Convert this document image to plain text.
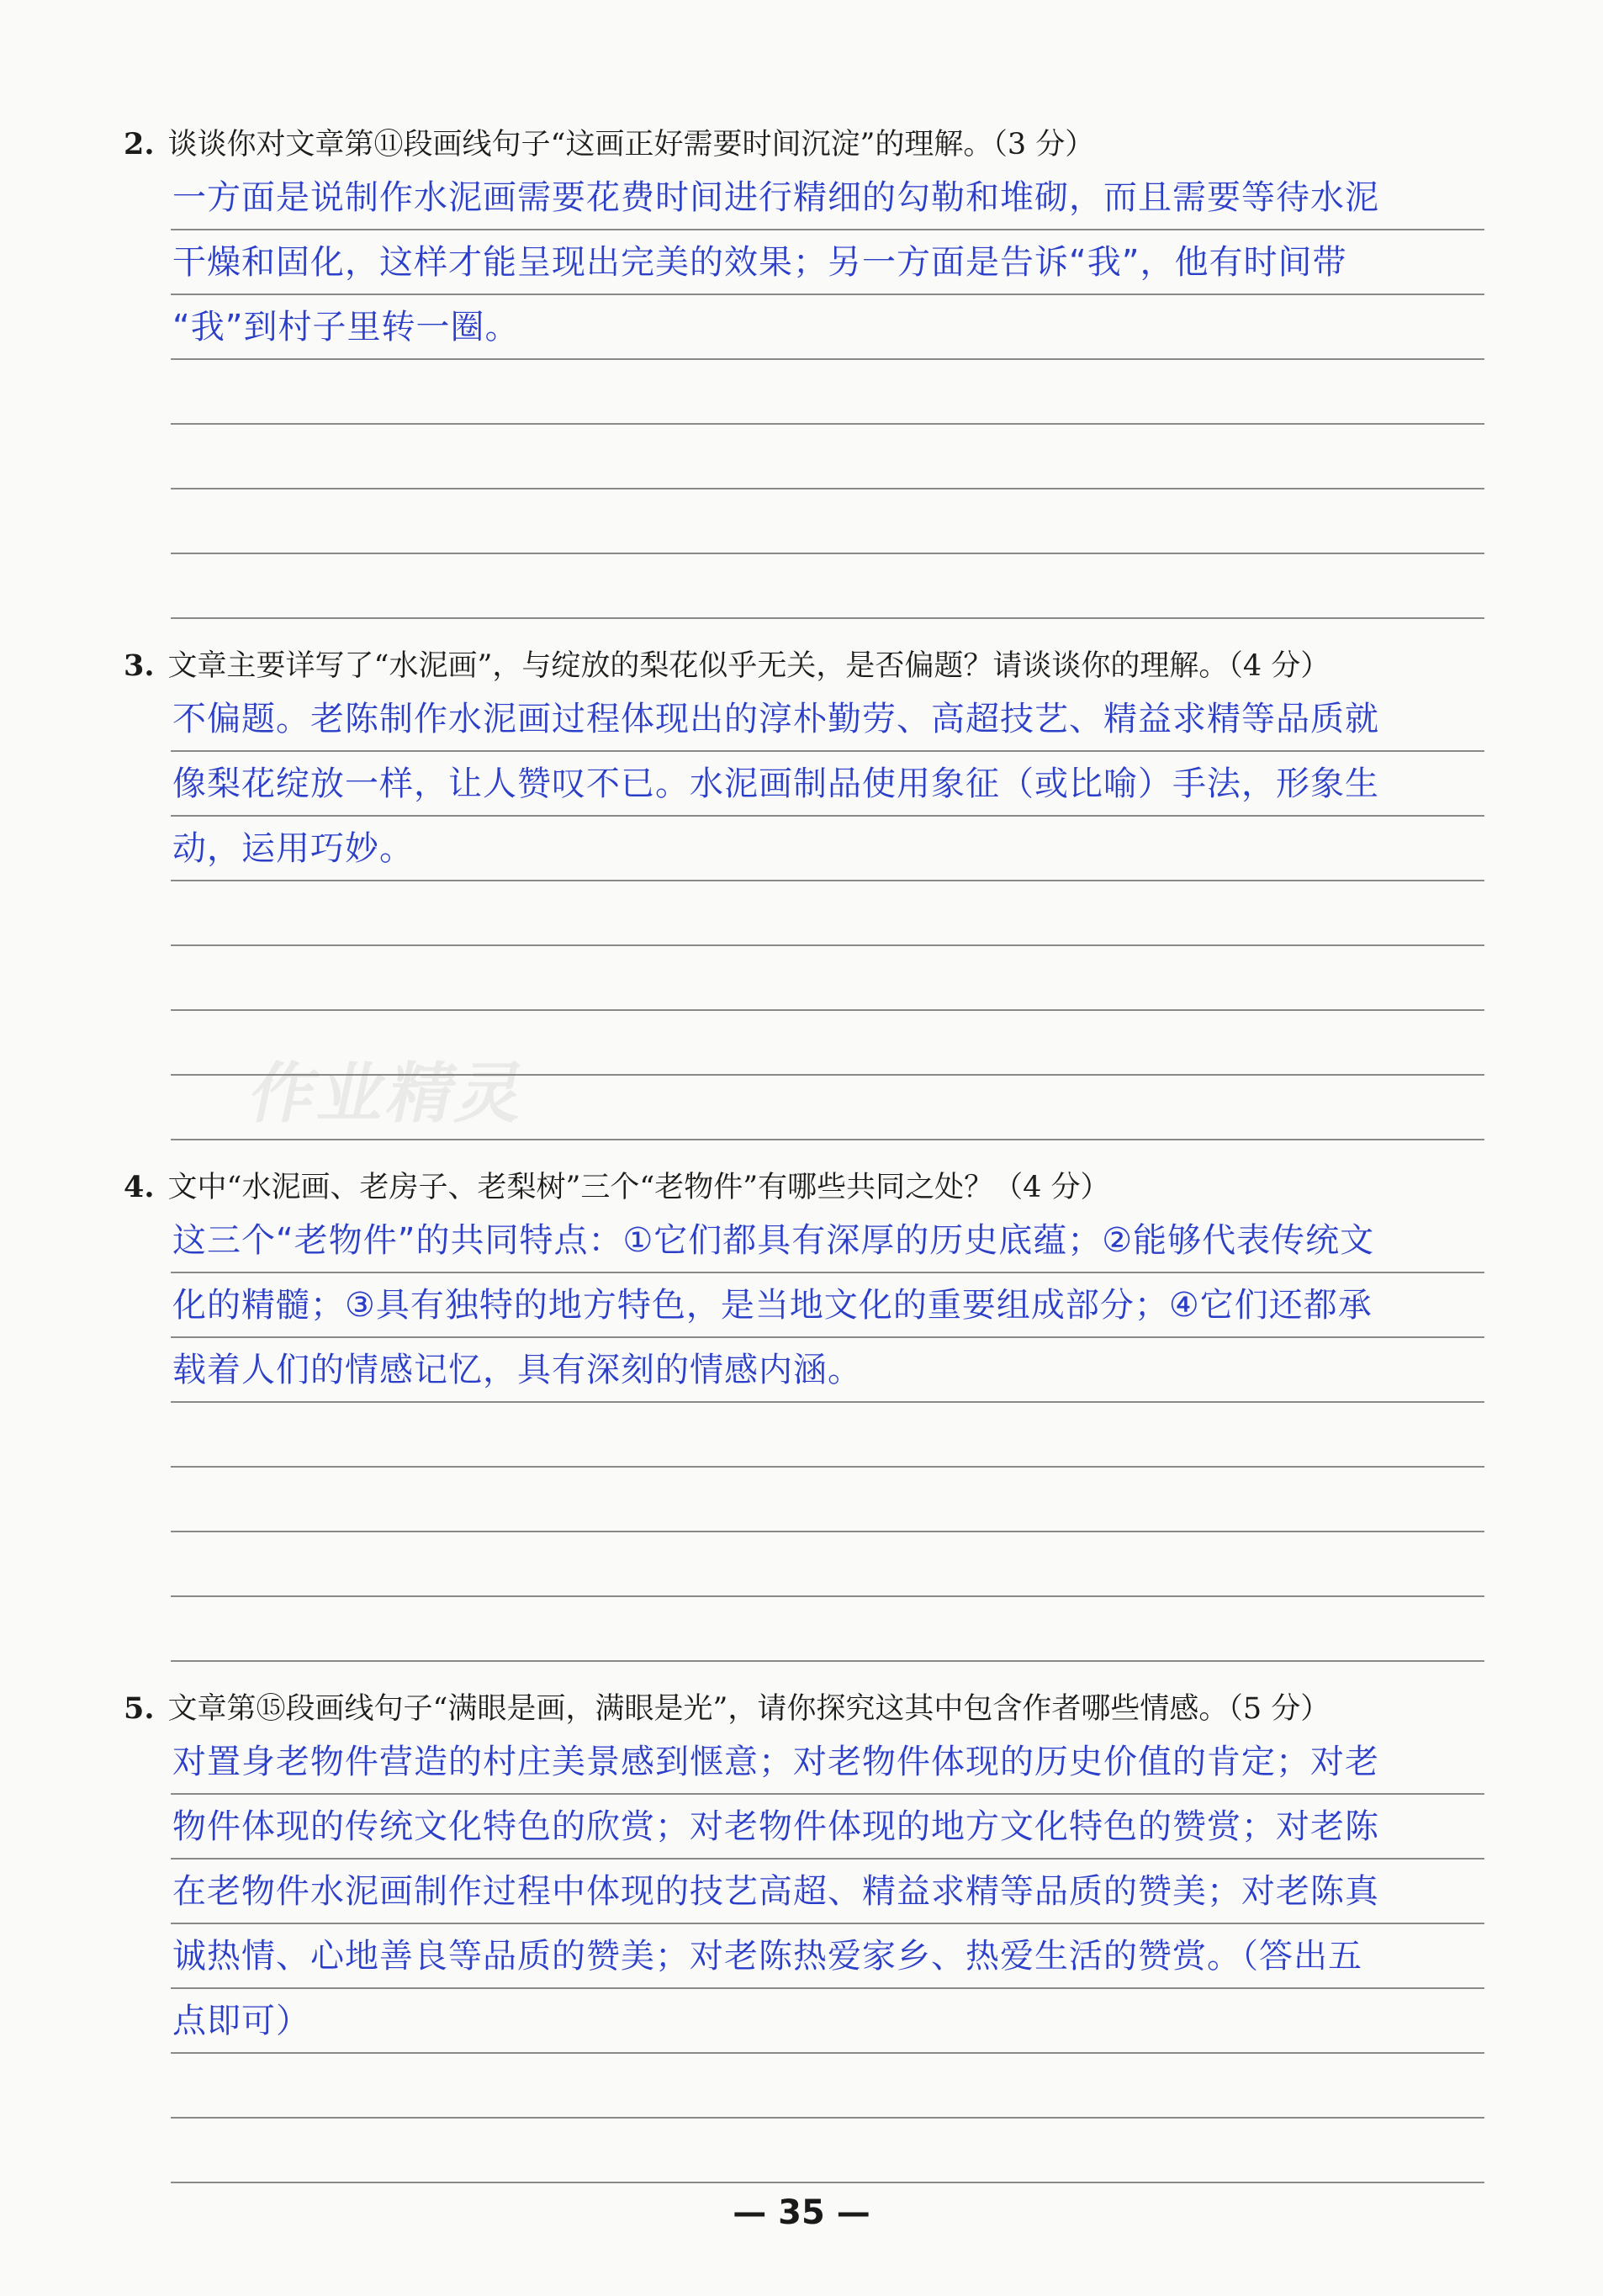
2. 谈谈你对文章第⑪段画线句子“这画正好需要时间沉淀”的理解。（3 分）
一方面是说制作水泥画需要花费时间进行精细的勾勒和堆砌，而且需要等待水泥
干燥和固化，这样才能呈现出完美的效果；另一方面是告诉“我”，他有时间带
“我”到村子里转一圈。
3. 文章主要详写了“水泥画”，与绽放的梨花似乎无关，是否偏题？请谈谈你的理解。（4 分）
不偏题。老陈制作水泥画过程体现出的淳朴勤劳、高超技艺、精益求精等品质就
像梨花绽放一样，让人赞叹不已。水泥画制品使用象征（或比喻）手法，形象生
动，运用巧妙。
作业精灵
4. 文中“水泥画、老房子、老梨树”三个“老物件”有哪些共同之处？（4 分）
这三个“老物件”的共同特点：①它们都具有深厚的历史底蕴；②能够代表传统文
化的精髓；③具有独特的地方特色，是当地文化的重要组成部分；④它们还都承
载着人们的情感记忆，具有深刻的情感内涵。
5. 文章第⑮段画线句子“满眼是画，满眼是光”，请你探究这其中包含作者哪些情感。（5 分）
对置身老物件营造的村庄美景感到惬意；对老物件体现的历史价值的肯定；对老
物件体现的传统文化特色的欣赏；对老物件体现的地方文化特色的赞赏；对老陈
在老物件水泥画制作过程中体现的技艺高超、精益求精等品质的赞美；对老陈真
诚热情、心地善良等品质的赞美；对老陈热爱家乡、热爱生活的赞赏。（答出五
点即可）
— 35 —
